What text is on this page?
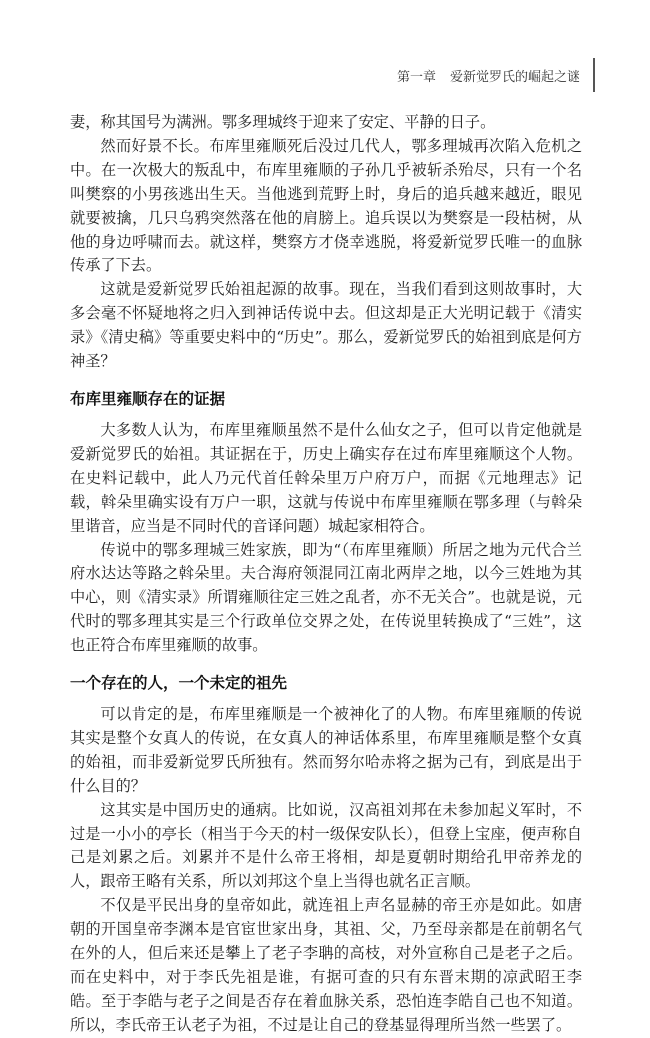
第一章 爱新觉罗氏的崛起之谜

妻，称其国号为满洲。鄂多理城终于迎来了安定、平静的日子。

然而好景不长。布库里雍顺死后没过几代人，鄂多理城再次陷入危机之中。在一次极大的叛乱中，布库里雍顺的子孙几乎被斩杀殆尽，只有一个名叫樊察的小男孩逃出生天。当他逃到荒野上时，身后的追兵越来越近，眼见就要被擒，几只乌鸦突然落在他的肩膀上。追兵误以为樊察是一段枯树，从他的身边呼啸而去。就这样，樊察方才侥幸逃脱，将爱新觉罗氏唯一的血脉传承了下去。

这就是爱新觉罗氏始祖起源的故事。现在，当我们看到这则故事时，大多会毫不怀疑地将之归入到神话传说中去。但这却是正大光明记载于《清实录》《清史稿》等重要史料中的“历史”。那么，爱新觉罗氏的始祖到底是何方神圣？

布库里雍顺存在的证据

大多数人认为，布库里雍顺虽然不是什么仙女之子，但可以肯定他就是爱新觉罗氏的始祖。其证据在于，历史上确实存在过布库里雍顺这个人物。在史料记载中，此人乃元代首任斡朵里万户府万户，而据《元地理志》记载，斡朵里确实设有万户一职，这就与传说中布库里雍顺在鄂多理（与斡朵里谐音，应当是不同时代的音译问题）城起家相符合。

传说中的鄂多理城三姓家族，即为“（布库里雍顺）所居之地为元代合兰府水达达等路之斡朵里。夫合海府领混同江南北两岸之地，以今三姓地为其中心，则《清实录》所谓雍顺往定三姓之乱者，亦不无关合”。也就是说，元代时的鄂多理其实是三个行政单位交界之处，在传说里转换成了“三姓”，这也正符合布库里雍顺的故事。

一个存在的人，一个未定的祖先

可以肯定的是，布库里雍顺是一个被神化了的人物。布库里雍顺的传说其实是整个女真人的传说，在女真人的神话体系里，布库里雍顺是整个女真的始祖，而非爱新觉罗氏所独有。然而努尔哈赤将之据为己有，到底是出于什么目的？

这其实是中国历史的通病。比如说，汉高祖刘邦在未参加起义军时，不过是一小小的亭长（相当于今天的村一级保安队长），但登上宝座，便声称自己是刘累之后。刘累并不是什么帝王将相，却是夏朝时期给孔甲帝养龙的人，跟帝王略有关系，所以刘邦这个皇上当得也就名正言顺。

不仅是平民出身的皇帝如此，就连祖上声名显赫的帝王亦是如此。如唐朝的开国皇帝李渊本是官宦世家出身，其祖、父，乃至母亲都是在前朝名气在外的人，但后来还是攀上了老子李聃的高枝，对外宣称自己是老子之后。而在史料中，对于李氏先祖是谁，有据可查的只有东晋末期的凉武昭王李皓。至于李皓与老子之间是否存在着血脉关系，恐怕连李皓自己也不知道。所以，李氏帝王认老子为祖，不过是让自己的登基显得理所当然一些罢了。
